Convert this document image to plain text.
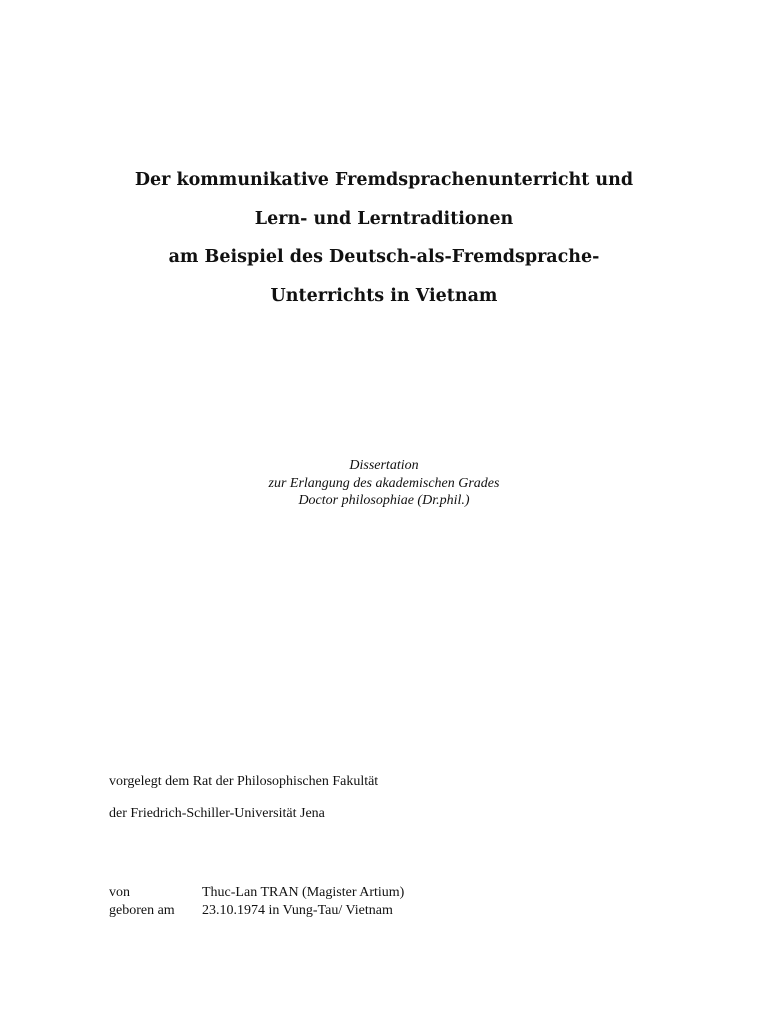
Der kommunikative Fremdsprachenunterricht und
Lern- und Lerntraditionen
am Beispiel des Deutsch-als-Fremdsprache-
Unterrichts in Vietnam
Dissertation
zur Erlangung des akademischen Grades
Doctor philosophiae (Dr.phil.)
vorgelegt dem Rat der Philosophischen Fakultät
der Friedrich-Schiller-Universität Jena
von	Thuc-Lan TRAN (Magister Artium)
geboren am 23.10.1974 in Vung-Tau/ Vietnam
